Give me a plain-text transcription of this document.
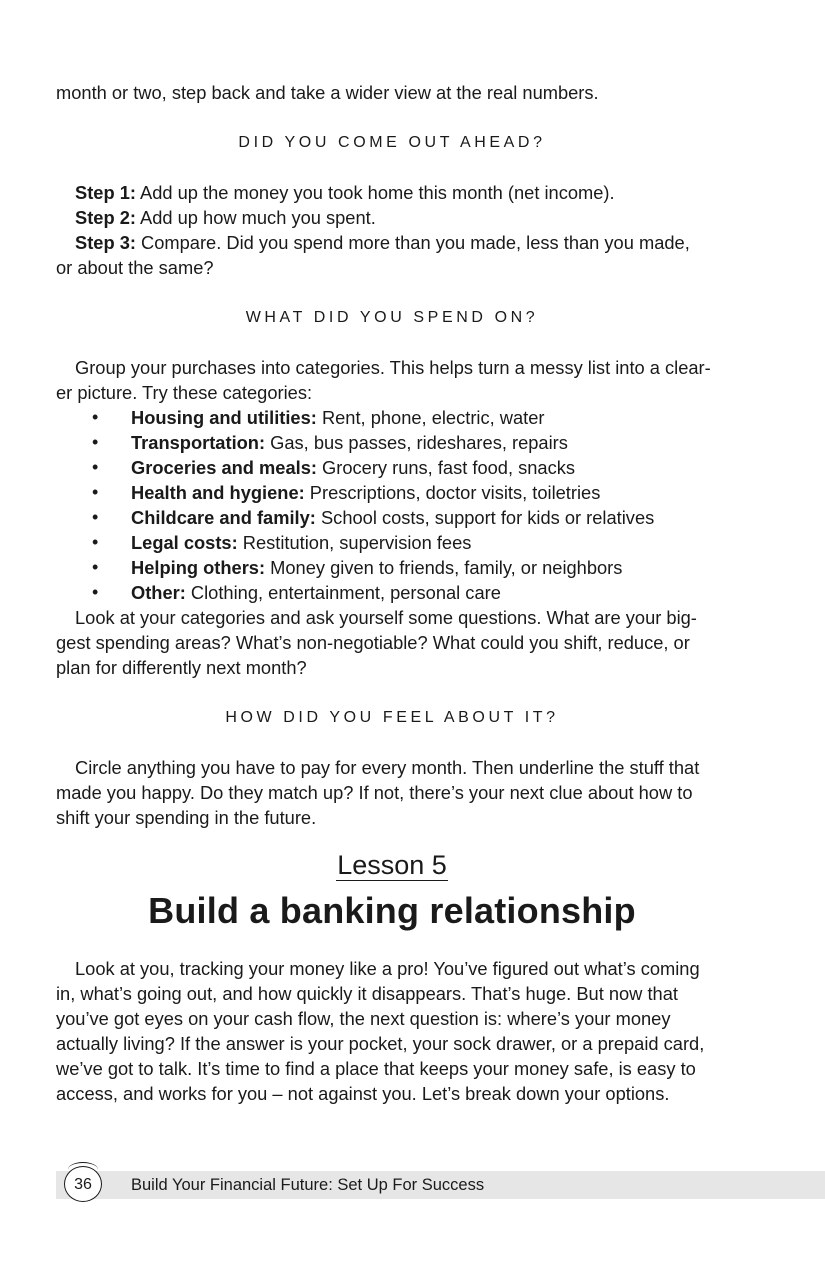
month or two, step back and take a wider view at the real numbers.

DID YOU COME OUT AHEAD?

Step 1: Add up the money you took home this month (net income).

Step 2: Add up how much you spent.

Step 3: Compare. Did you spend more than you made, less than you made,

or about the same?

WHAT DID YOU SPEND ON?

Group your purchases into categories. This helps turn a messy list into a clear-

er picture. Try these categories:

• Housing and utilities: Rent, phone, electric, water
• Transportation: Gas, bus passes, rideshares, repairs
• Groceries and meals: Grocery runs, fast food, snacks
• Health and hygiene: Prescriptions, doctor visits, toiletries
• Childcare and family: School costs, support for kids or relatives
• Legal costs: Restitution, supervision fees
• Helping others: Money given to friends, family, or neighbors
• Other: Clothing, entertainment, personal care

Look at your categories and ask yourself some questions. What are your big-

gest spending areas? What’s non-negotiable? What could you shift, reduce, or

plan for differently next month?

HOW DID YOU FEEL ABOUT IT?

Circle anything you have to pay for every month. Then underline the stuff that

made you happy. Do they match up? If not, there’s your next clue about how to

shift your spending in the future.

Lesson 5
Build a banking relationship

Look at you, tracking your money like a pro! You’ve figured out what’s coming

in, what’s going out, and how quickly it disappears. That’s huge. But now that

you’ve got eyes on your cash flow, the next question is: where’s your money

actually living? If the answer is your pocket, your sock drawer, or a prepaid card,

we’ve got to talk. It’s time to find a place that keeps your money safe, is easy to

access, and works for you – not against you. Let’s break down your options.

36	Build Your Financial Future: Set Up For Success
